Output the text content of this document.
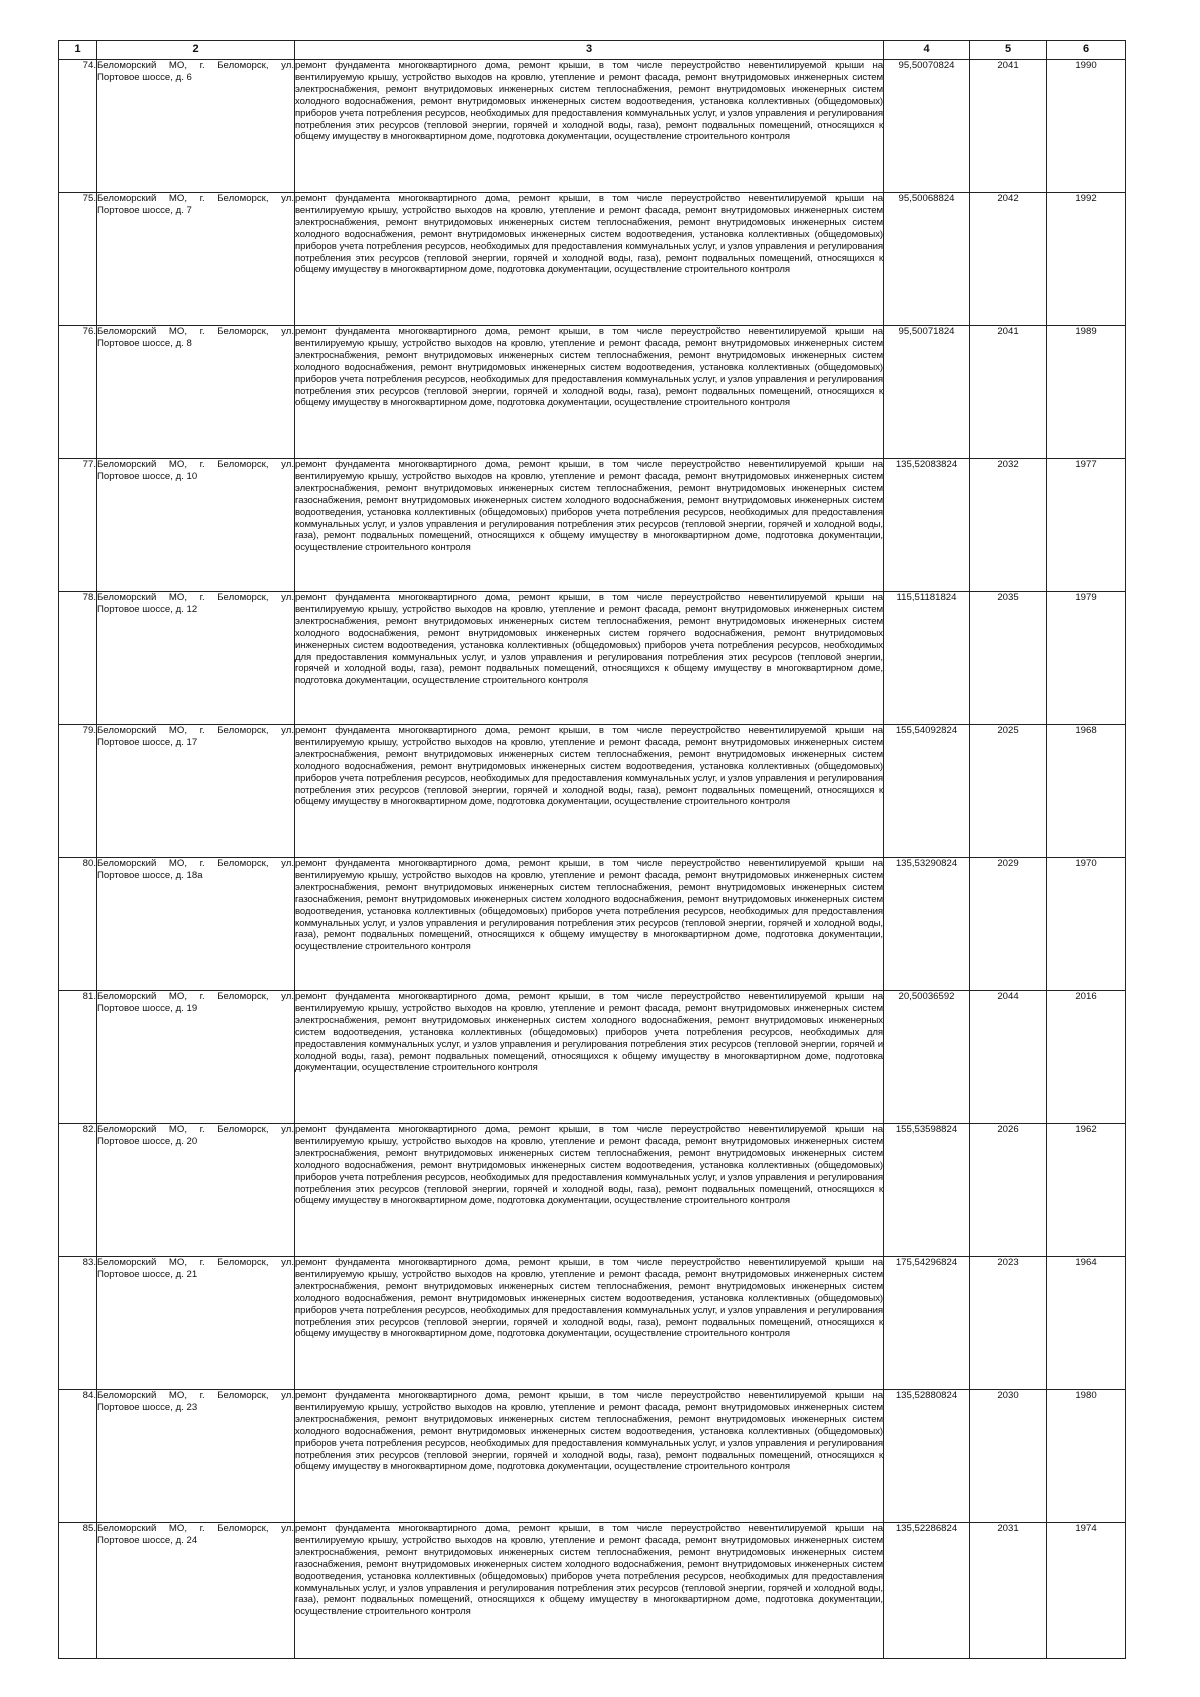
1	2	3	4	5	6
74.	Беломорский МО, г. Беломорск, ул. Портовое шоссе, д. 6	ремонт фундамента многоквартирного дома, ремонт крыши, в том числе переустройство невентилируемой крыши на вентилируемую крышу, устройство выходов на кровлю, утепление и ремонт фасада, ремонт внутридомовых инженерных систем электроснабжения, ремонт внутридомовых инженерных систем теплоснабжения, ремонт внутридомовых инженерных систем холодного водоснабжения, ремонт внутридомовых инженерных систем водоотведения, установка коллективных (общедомовых) приборов учета потребления ресурсов, необходимых для предоставления коммунальных услуг, и узлов управления и регулирования потребления этих ресурсов (тепловой энергии, горячей и холодной воды, газа), ремонт подвальных помещений, относящихся к общему имуществу в многоквартирном доме, подготовка документации, осуществление строительного контроля	95,50070824	2041	1990
75.	Беломорский МО, г. Беломорск, ул. Портовое шоссе, д. 7	ремонт фундамента многоквартирного дома, ремонт крыши, в том числе переустройство невентилируемой крыши на вентилируемую крышу, устройство выходов на кровлю, утепление и ремонт фасада, ремонт внутридомовых инженерных систем электроснабжения, ремонт внутридомовых инженерных систем теплоснабжения, ремонт внутридомовых инженерных систем холодного водоснабжения, ремонт внутридомовых инженерных систем водоотведения, установка коллективных (общедомовых) приборов учета потребления ресурсов, необходимых для предоставления коммунальных услуг, и узлов управления и регулирования потребления этих ресурсов (тепловой энергии, горячей и холодной воды, газа), ремонт подвальных помещений, относящихся к общему имуществу в многоквартирном доме, подготовка документации, осуществление строительного контроля	95,50068824	2042	1992
76.	Беломорский МО, г. Беломорск, ул. Портовое шоссе, д. 8	ремонт фундамента многоквартирного дома, ремонт крыши, в том числе переустройство невентилируемой крыши на вентилируемую крышу, устройство выходов на кровлю, утепление и ремонт фасада, ремонт внутридомовых инженерных систем электроснабжения, ремонт внутридомовых инженерных систем теплоснабжения, ремонт внутридомовых инженерных систем холодного водоснабжения, ремонт внутридомовых инженерных систем водоотведения, установка коллективных (общедомовых) приборов учета потребления ресурсов, необходимых для предоставления коммунальных услуг, и узлов управления и регулирования потребления этих ресурсов (тепловой энергии, горячей и холодной воды, газа), ремонт подвальных помещений, относящихся к общему имуществу в многоквартирном доме, подготовка документации, осуществление строительного контроля	95,50071824	2041	1989
77.	Беломорский МО, г. Беломорск, ул. Портовое шоссе, д. 10	ремонт фундамента многоквартирного дома, ремонт крыши, в том числе переустройство невентилируемой крыши на вентилируемую крышу, устройство выходов на кровлю, утепление и ремонт фасада, ремонт внутридомовых инженерных систем электроснабжения, ремонт внутридомовых инженерных систем теплоснабжения, ремонт внутридомовых инженерных систем газоснабжения, ремонт внутридомовых инженерных систем холодного водоснабжения, ремонт внутридомовых инженерных систем водоотведения, установка коллективных (общедомовых) приборов учета потребления ресурсов, необходимых для предоставления коммунальных услуг, и узлов управления и регулирования потребления этих ресурсов (тепловой энергии, горячей и холодной воды, газа), ремонт подвальных помещений, относящихся к общему имуществу в многоквартирном доме, подготовка документации, осуществление строительного контроля	135,52083824	2032	1977
78.	Беломорский МО, г. Беломорск, ул. Портовое шоссе, д. 12	ремонт фундамента многоквартирного дома, ремонт крыши, в том числе переустройство невентилируемой крыши на вентилируемую крышу, устройство выходов на кровлю, утепление и ремонт фасада, ремонт внутридомовых инженерных систем электроснабжения, ремонт внутридомовых инженерных систем теплоснабжения, ремонт внутридомовых инженерных систем холодного водоснабжения, ремонт внутридомовых инженерных систем горячего водоснабжения, ремонт внутридомовых инженерных систем водоотведения, установка коллективных (общедомовых) приборов учета потребления ресурсов, необходимых для предоставления коммунальных услуг, и узлов управления и регулирования потребления этих ресурсов (тепловой энергии, горячей и холодной воды, газа), ремонт подвальных помещений, относящихся к общему имуществу в многоквартирном доме, подготовка документации, осуществление строительного контроля	115,51181824	2035	1979
79.	Беломорский МО, г. Беломорск, ул. Портовое шоссе, д. 17	ремонт фундамента многоквартирного дома, ремонт крыши, в том числе переустройство невентилируемой крыши на вентилируемую крышу, устройство выходов на кровлю, утепление и ремонт фасада, ремонт внутридомовых инженерных систем электроснабжения, ремонт внутридомовых инженерных систем теплоснабжения, ремонт внутридомовых инженерных систем холодного водоснабжения, ремонт внутридомовых инженерных систем водоотведения, установка коллективных (общедомовых) приборов учета потребления ресурсов, необходимых для предоставления коммунальных услуг, и узлов управления и регулирования потребления этих ресурсов (тепловой энергии, горячей и холодной воды, газа), ремонт подвальных помещений, относящихся к общему имуществу в многоквартирном доме, подготовка документации, осуществление строительного контроля	155,54092824	2025	1968
80.	Беломорский МО, г. Беломорск, ул. Портовое шоссе, д. 18а	ремонт фундамента многоквартирного дома, ремонт крыши, в том числе переустройство невентилируемой крыши на вентилируемую крышу, устройство выходов на кровлю, утепление и ремонт фасада, ремонт внутридомовых инженерных систем электроснабжения, ремонт внутридомовых инженерных систем теплоснабжения, ремонт внутридомовых инженерных систем газоснабжения, ремонт внутридомовых инженерных систем холодного водоснабжения, ремонт внутридомовых инженерных систем водоотведения, установка коллективных (общедомовых) приборов учета потребления ресурсов, необходимых для предоставления коммунальных услуг, и узлов управления и регулирования потребления этих ресурсов (тепловой энергии, горячей и холодной воды, газа), ремонт подвальных помещений, относящихся к общему имуществу в многоквартирном доме, подготовка документации, осуществление строительного контроля	135,53290824	2029	1970
81.	Беломорский МО, г. Беломорск, ул. Портовое шоссе, д. 19	ремонт фундамента многоквартирного дома, ремонт крыши, в том числе переустройство невентилируемой крыши на вентилируемую крышу, устройство выходов на кровлю, утепление и ремонт фасада, ремонт внутридомовых инженерных систем электроснабжения, ремонт внутридомовых инженерных систем холодного водоснабжения, ремонт внутридомовых инженерных систем водоотведения, установка коллективных (общедомовых) приборов учета потребления ресурсов, необходимых для предоставления коммунальных услуг, и узлов управления и регулирования потребления этих ресурсов (тепловой энергии, горячей и холодной воды, газа), ремонт подвальных помещений, относящихся к общему имуществу в многоквартирном доме, подготовка документации, осуществление строительного контроля	20,50036592	2044	2016
82.	Беломорский МО, г. Беломорск, ул. Портовое шоссе, д. 20	ремонт фундамента многоквартирного дома, ремонт крыши, в том числе переустройство невентилируемой крыши на вентилируемую крышу, устройство выходов на кровлю, утепление и ремонт фасада, ремонт внутридомовых инженерных систем электроснабжения, ремонт внутридомовых инженерных систем теплоснабжения, ремонт внутридомовых инженерных систем холодного водоснабжения, ремонт внутридомовых инженерных систем водоотведения, установка коллективных (общедомовых) приборов учета потребления ресурсов, необходимых для предоставления коммунальных услуг, и узлов управления и регулирования потребления этих ресурсов (тепловой энергии, горячей и холодной воды, газа), ремонт подвальных помещений, относящихся к общему имуществу в многоквартирном доме, подготовка документации, осуществление строительного контроля	155,53598824	2026	1962
83.	Беломорский МО, г. Беломорск, ул. Портовое шоссе, д. 21	ремонт фундамента многоквартирного дома, ремонт крыши, в том числе переустройство невентилируемой крыши на вентилируемую крышу, устройство выходов на кровлю, утепление и ремонт фасада, ремонт внутридомовых инженерных систем электроснабжения, ремонт внутридомовых инженерных систем теплоснабжения, ремонт внутридомовых инженерных систем холодного водоснабжения, ремонт внутридомовых инженерных систем водоотведения, установка коллективных (общедомовых) приборов учета потребления ресурсов, необходимых для предоставления коммунальных услуг, и узлов управления и регулирования потребления этих ресурсов (тепловой энергии, горячей и холодной воды, газа), ремонт подвальных помещений, относящихся к общему имуществу в многоквартирном доме, подготовка документации, осуществление строительного контроля	175,54296824	2023	1964
84.	Беломорский МО, г. Беломорск, ул. Портовое шоссе, д. 23	ремонт фундамента многоквартирного дома, ремонт крыши, в том числе переустройство невентилируемой крыши на вентилируемую крышу, устройство выходов на кровлю, утепление и ремонт фасада, ремонт внутридомовых инженерных систем электроснабжения, ремонт внутридомовых инженерных систем теплоснабжения, ремонт внутридомовых инженерных систем холодного водоснабжения, ремонт внутридомовых инженерных систем водоотведения, установка коллективных (общедомовых) приборов учета потребления ресурсов, необходимых для предоставления коммунальных услуг, и узлов управления и регулирования потребления этих ресурсов (тепловой энергии, горячей и холодной воды, газа), ремонт подвальных помещений, относящихся к общему имуществу в многоквартирном доме, подготовка документации, осуществление строительного контроля	135,52880824	2030	1980
85.	Беломорский МО, г. Беломорск, ул. Портовое шоссе, д. 24	ремонт фундамента многоквартирного дома, ремонт крыши, в том числе переустройство невентилируемой крыши на вентилируемую крышу, устройство выходов на кровлю, утепление и ремонт фасада, ремонт внутридомовых инженерных систем электроснабжения, ремонт внутридомовых инженерных систем теплоснабжения, ремонт внутридомовых инженерных систем газоснабжения, ремонт внутридомовых инженерных систем холодного водоснабжения, ремонт внутридомовых инженерных систем водоотведения, установка коллективных (общедомовых) приборов учета потребления ресурсов, необходимых для предоставления коммунальных услуг, и узлов управления и регулирования потребления этих ресурсов (тепловой энергии, горячей и холодной воды, газа), ремонт подвальных помещений, относящихся к общему имуществу в многоквартирном доме, подготовка документации, осуществление строительного контроля	135,52286824	2031	1974
